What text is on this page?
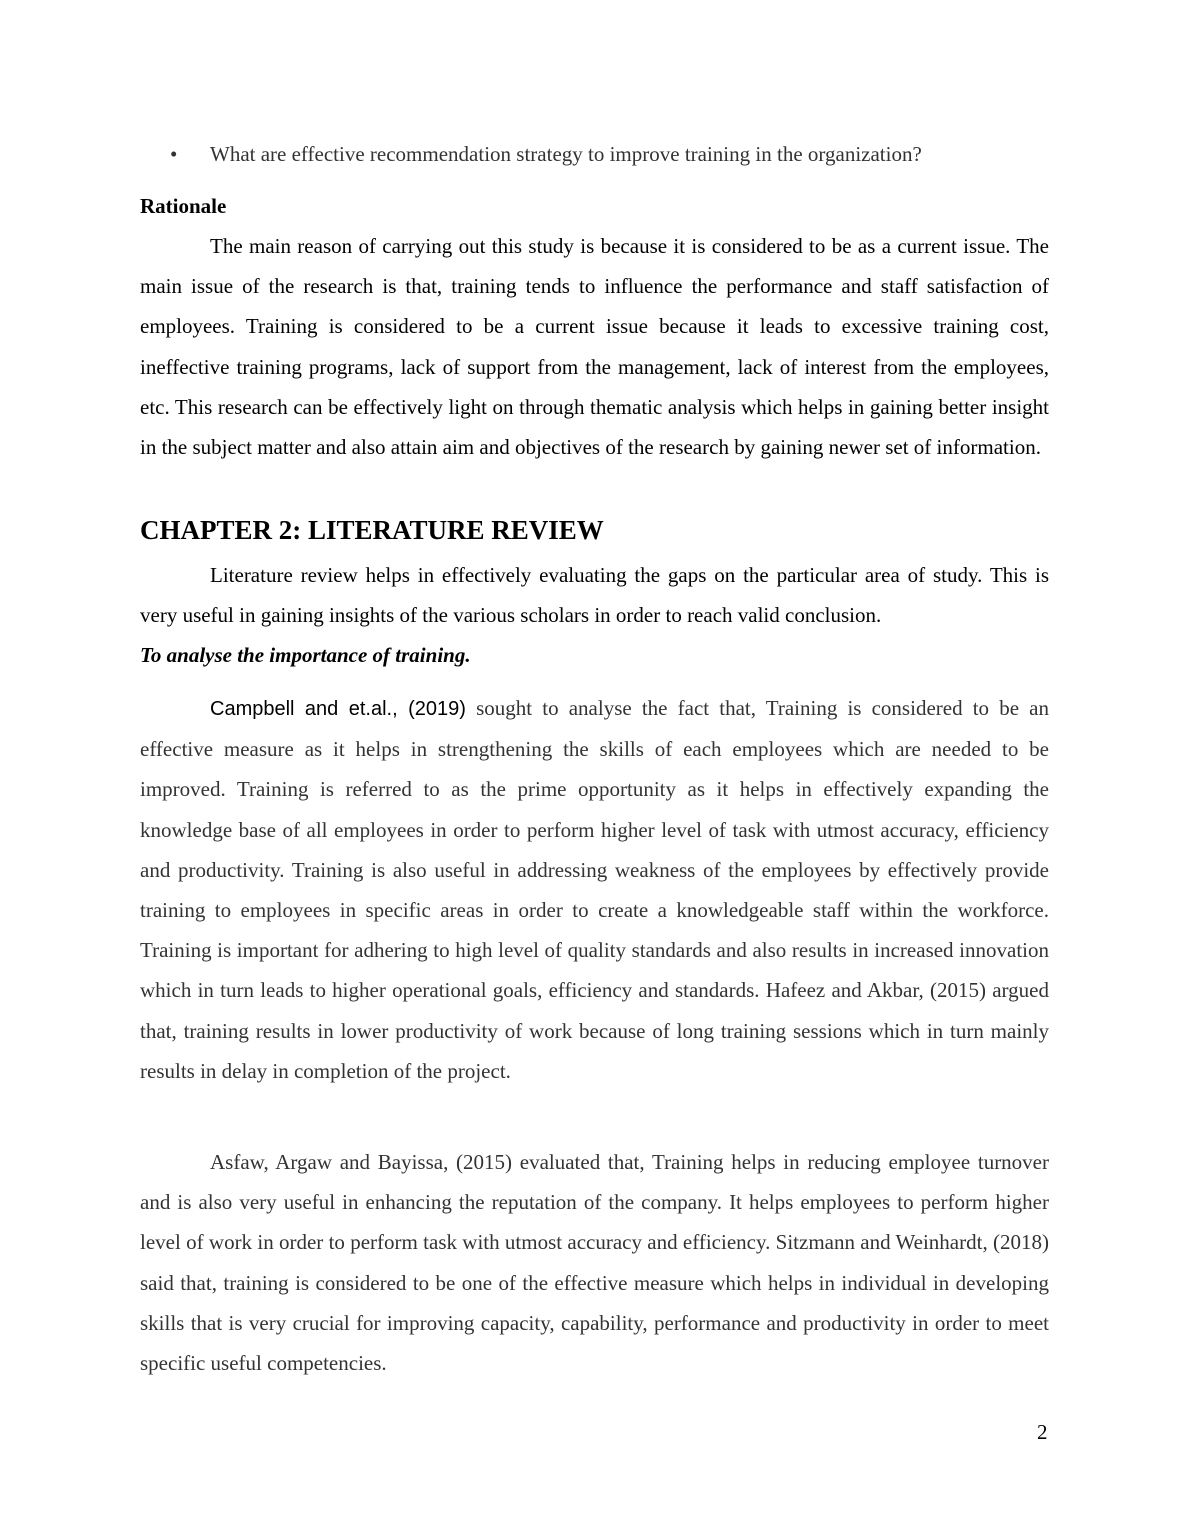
• What are effective recommendation strategy to improve training in the organization?
Rationale

The main reason of carrying out this study is because it is considered to be as a current issue. The main issue of the research is that, training tends to influence the performance and staff satisfaction of employees. Training is considered to be a current issue because it leads to excessive training cost, ineffective training programs, lack of support from the management, lack of interest from the employees, etc. This research can be effectively light on through thematic analysis which helps in gaining better insight in the subject matter and also attain aim and objectives of the research by gaining newer set of information.

CHAPTER 2: LITERATURE REVIEW

Literature review helps in effectively evaluating the gaps on the particular area of study. This is very useful in gaining insights of the various scholars in order to reach valid conclusion.

To analyse the importance of training.

Campbell and et.al., (2019) sought to analyse the fact that, Training is considered to be an effective measure as it helps in strengthening the skills of each employees which are needed to be improved. Training is referred to as the prime opportunity as it helps in effectively expanding the knowledge base of all employees in order to perform higher level of task with utmost accuracy, efficiency and productivity. Training is also useful in addressing weakness of the employees by effectively provide training to employees in specific areas in order to create a knowledgeable staff within the workforce. Training is important for adhering to high level of quality standards and also results in increased innovation which in turn leads to higher operational goals, efficiency and standards. Hafeez and Akbar, (2015) argued that, training results in lower productivity of work because of long training sessions which in turn mainly results in delay in completion of the project.

Asfaw, Argaw and Bayissa, (2015) evaluated that, Training helps in reducing employee turnover and is also very useful in enhancing the reputation of the company. It helps employees to perform higher level of work in order to perform task with utmost accuracy and efficiency. Sitzmann and Weinhardt, (2018) said that, training is considered to be one of the effective measure which helps in individual in developing skills that is very crucial for improving capacity, capability, performance and productivity in order to meet specific useful competencies.

2
